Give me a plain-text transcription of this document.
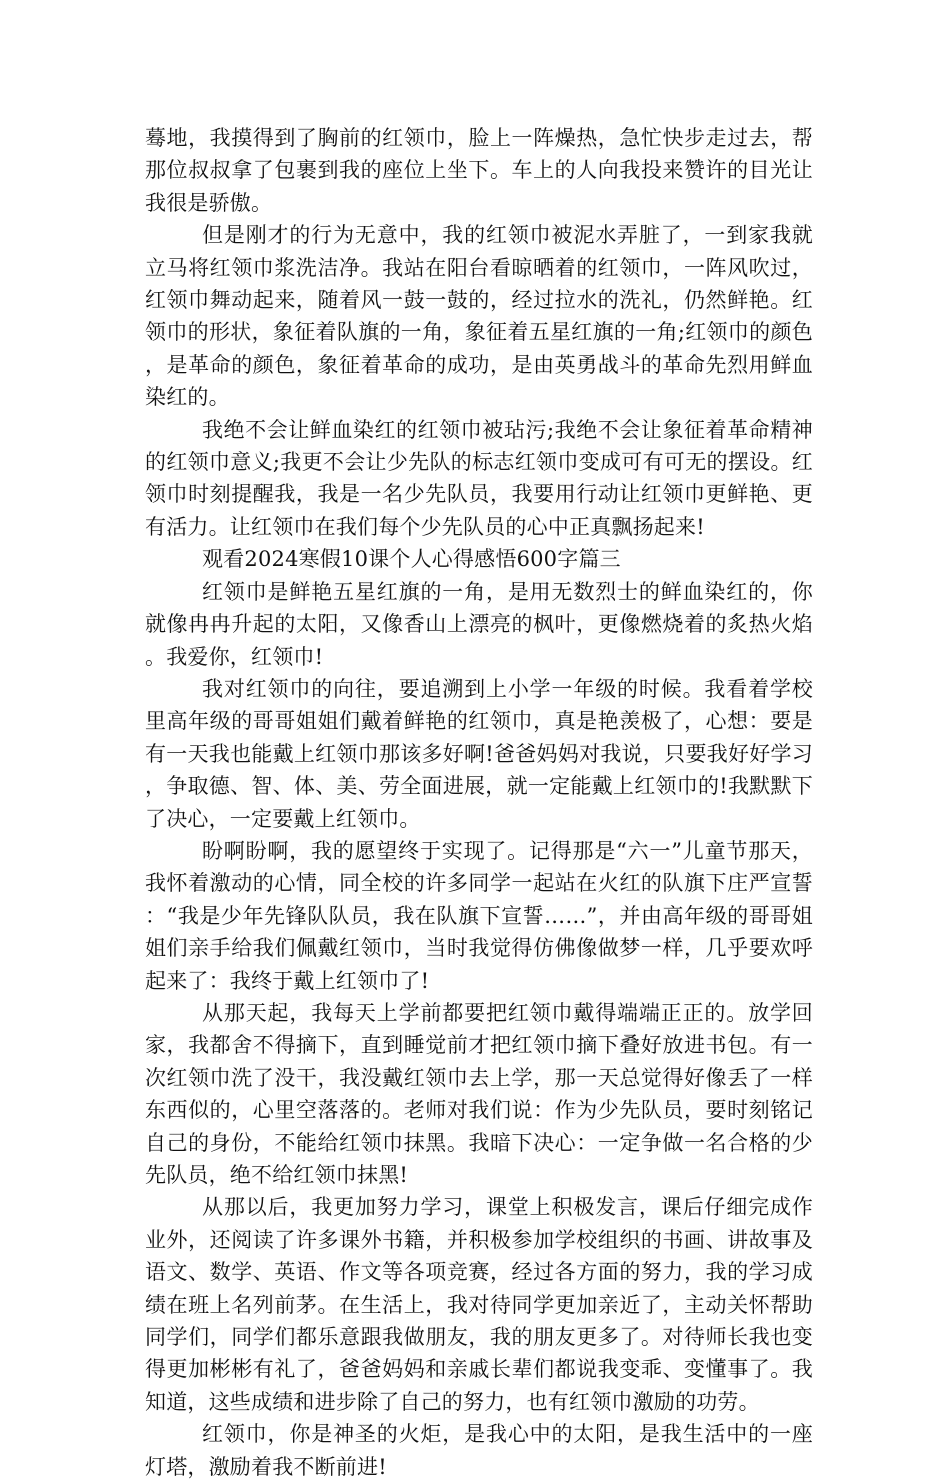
蓦地，我摸得到了胸前的红领巾，脸上一阵燥热，急忙快步走过去，帮那位叔叔拿了包裹到我的座位上坐下。车上的人向我投来赞许的目光让我很是骄傲。

但是刚才的行为无意中，我的红领巾被泥水弄脏了，一到家我就立马将红领巾浆洗洁净。我站在阳台看晾晒着的红领巾，一阵风吹过，红领巾舞动起来，随着风一鼓一鼓的，经过拉水的洗礼，仍然鲜艳。红领巾的形状，象征着队旗的一角，象征着五星红旗的一角;红领巾的颜色，是革命的颜色，象征着革命的成功，是由英勇战斗的革命先烈用鲜血染红的。

我绝不会让鲜血染红的红领巾被玷污;我绝不会让象征着革命精神的红领巾意义;我更不会让少先队的标志红领巾变成可有可无的摆设。红领巾时刻提醒我，我是一名少先队员，我要用行动让红领巾更鲜艳、更有活力。让红领巾在我们每个少先队员的心中正真飘扬起来!

观看2024寒假10课个人心得感悟600字篇三

红领巾是鲜艳五星红旗的一角，是用无数烈士的鲜血染红的，你就像冉冉升起的太阳，又像香山上漂亮的枫叶，更像燃烧着的炙热火焰。我爱你，红领巾!

我对红领巾的向往，要追溯到上小学一年级的时候。我看着学校里高年级的哥哥姐姐们戴着鲜艳的红领巾，真是艳羡极了，心想：要是有一天我也能戴上红领巾那该多好啊!爸爸妈妈对我说，只要我好好学习，争取德、智、体、美、劳全面进展，就一定能戴上红领巾的!我默默下了决心，一定要戴上红领巾。

盼啊盼啊，我的愿望终于实现了。记得那是“六一”儿童节那天，我怀着激动的心情，同全校的许多同学一起站在火红的队旗下庄严宣誓：“我是少年先锋队队员，我在队旗下宣誓……”，并由高年级的哥哥姐姐们亲手给我们佩戴红领巾，当时我觉得仿佛像做梦一样，几乎要欢呼起来了：我终于戴上红领巾了!

从那天起，我每天上学前都要把红领巾戴得端端正正的。放学回家，我都舍不得摘下，直到睡觉前才把红领巾摘下叠好放进书包。有一次红领巾洗了没干，我没戴红领巾去上学，那一天总觉得好像丢了一样东西似的，心里空落落的。老师对我们说：作为少先队员，要时刻铭记自己的身份，不能给红领巾抹黑。我暗下决心：一定争做一名合格的少先队员，绝不给红领巾抹黑!

从那以后，我更加努力学习，课堂上积极发言，课后仔细完成作业外，还阅读了许多课外书籍，并积极参加学校组织的书画、讲故事及语文、数学、英语、作文等各项竞赛，经过各方面的努力，我的学习成绩在班上名列前茅。在生活上，我对待同学更加亲近了，主动关怀帮助同学们，同学们都乐意跟我做朋友，我的朋友更多了。对待师长我也变得更加彬彬有礼了，爸爸妈妈和亲戚长辈们都说我变乖、变懂事了。我知道，这些成绩和进步除了自己的努力，也有红领巾激励的功劳。

红领巾，你是神圣的火炬，是我心中的太阳，是我生活中的一座灯塔，激励着我不断前进!
